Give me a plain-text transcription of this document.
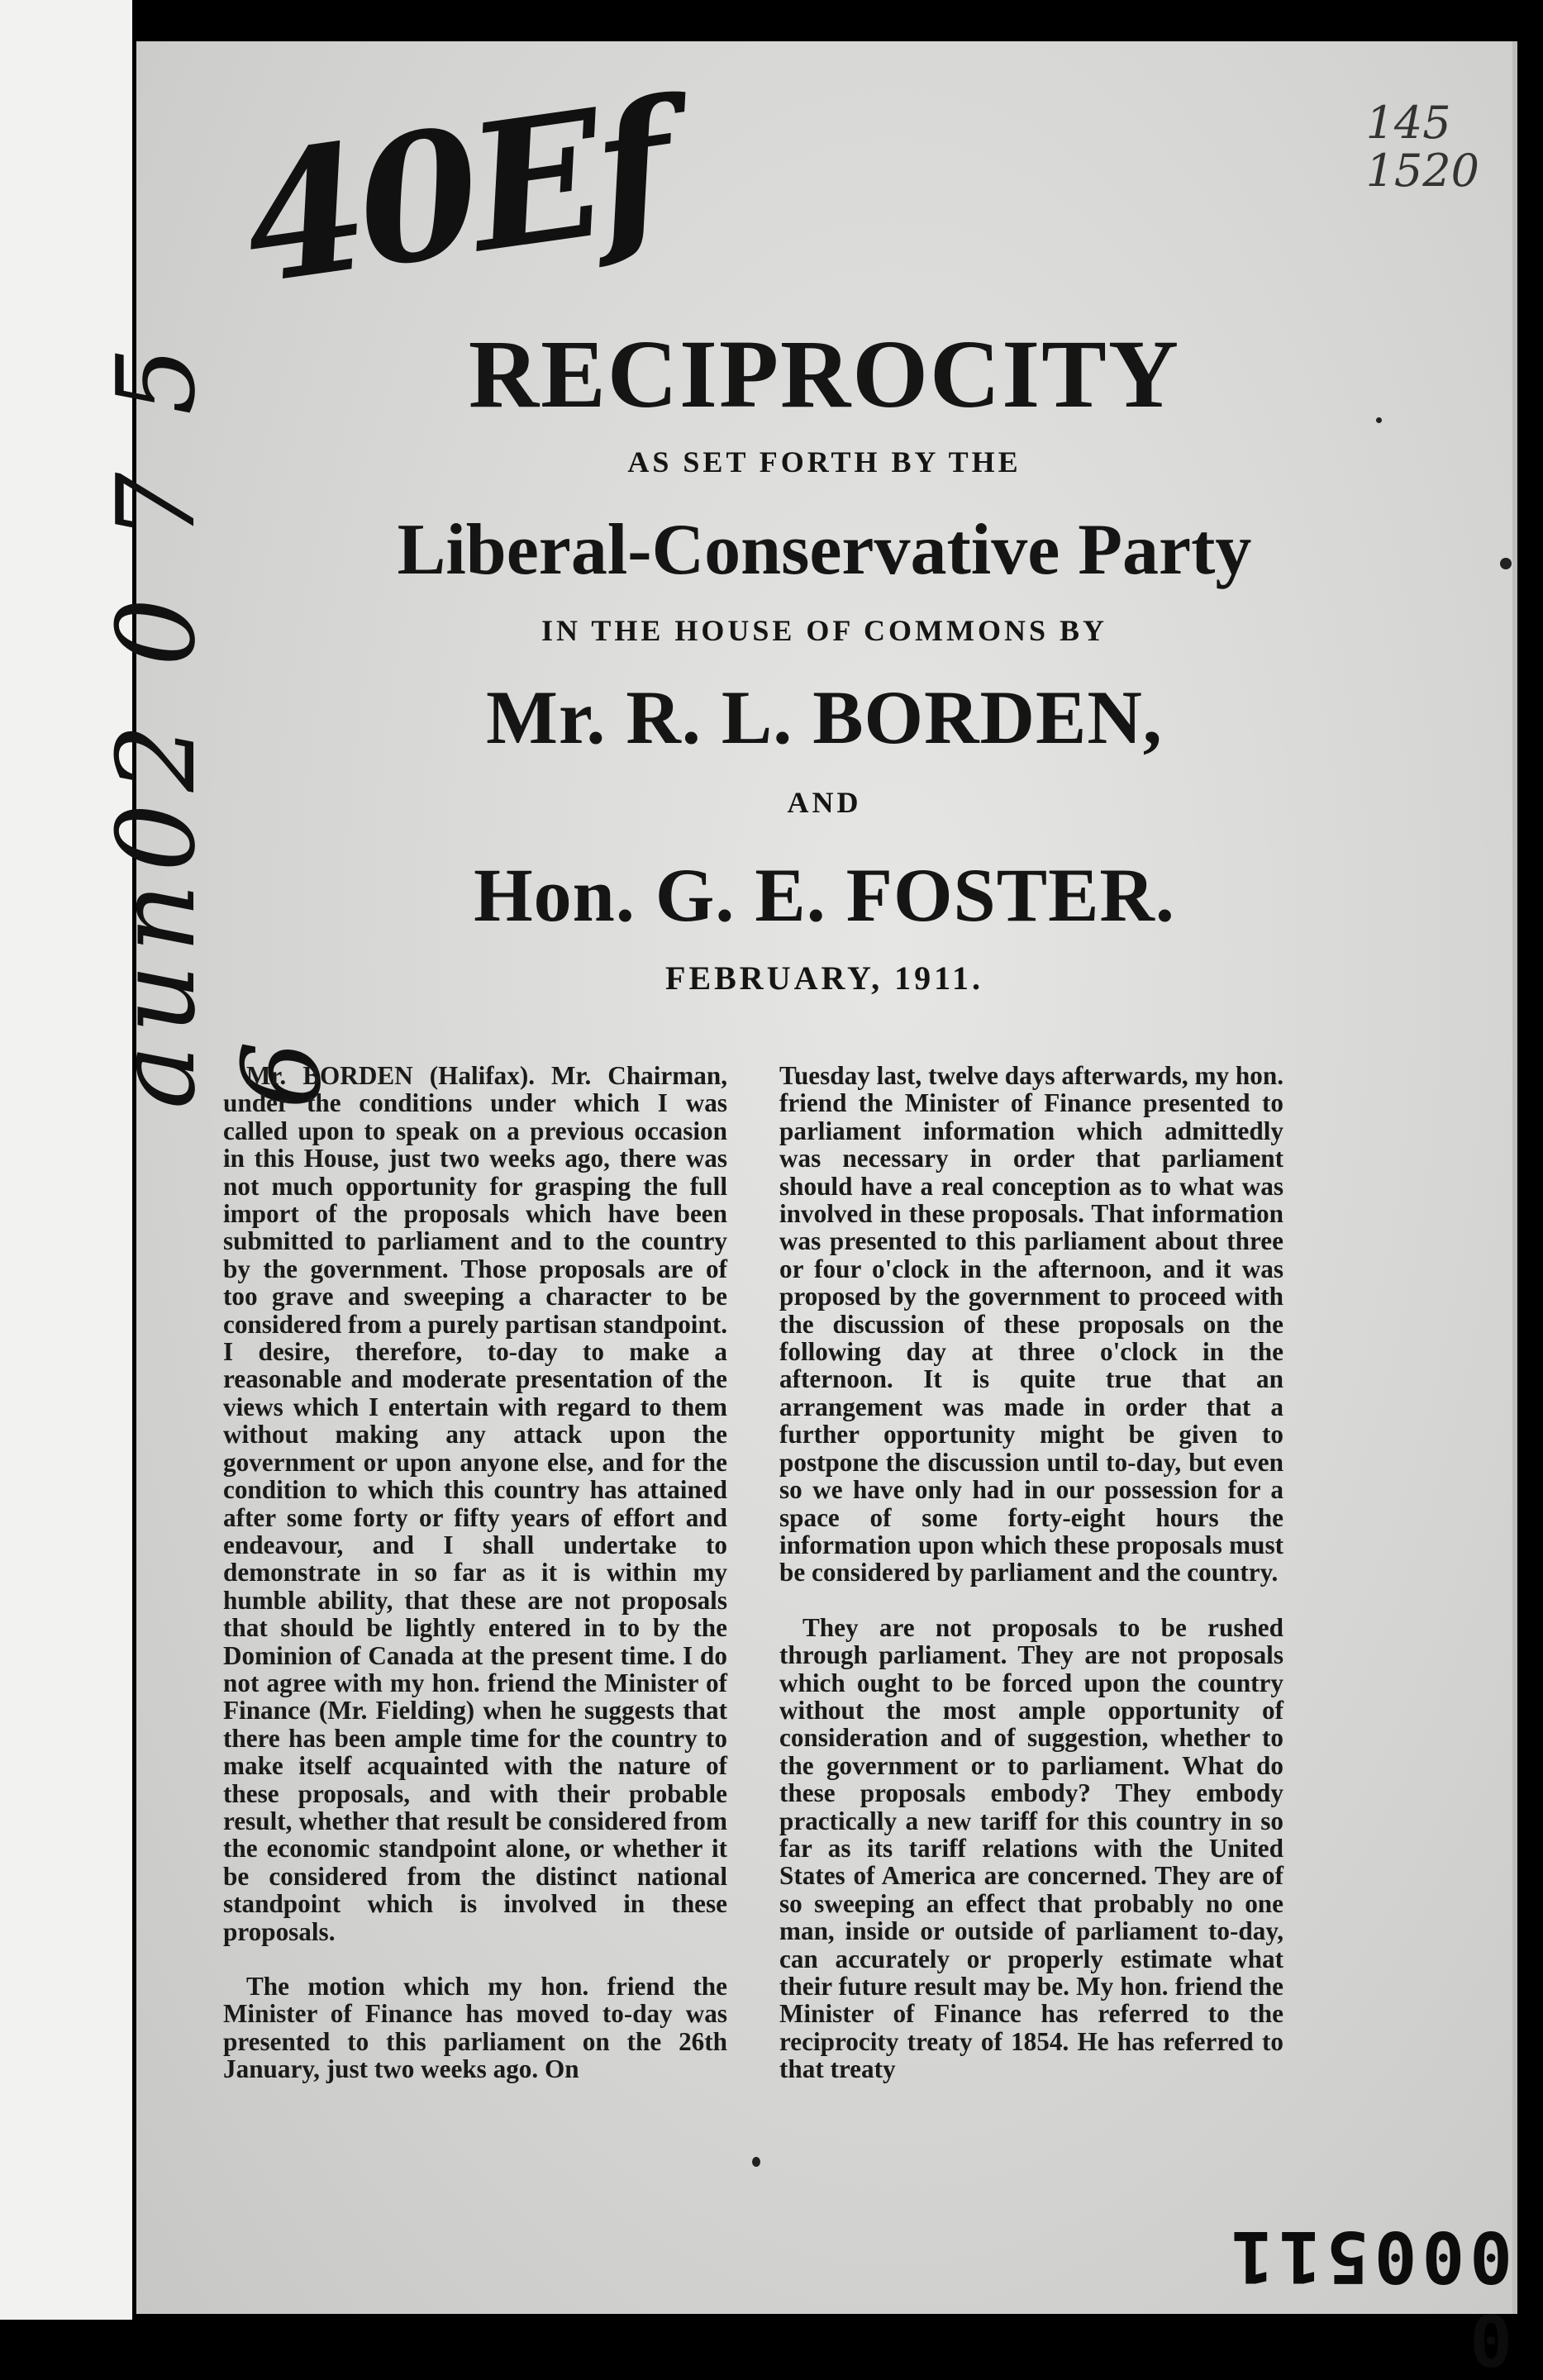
40Ef	145
1520
aun02 0 7 5 6
RECIPROCITY
AS SET FORTH BY THE
Liberal-Conservative Party
IN THE HOUSE OF COMMONS BY
Mr. R. L. BORDEN,
AND
Hon. G. E. FOSTER.
FEBRUARY, 1911.

Mr. BORDEN (Halifax). Mr. Chairman, under the conditions under which I was called upon to speak on a previous occasion in this House, just two weeks ago, there was not much opportunity for grasping the full import of the proposals which have been submitted to parliament and to the country by the government. Those proposals are of too grave and sweeping a character to be considered from a purely partisan standpoint. I desire, therefore, to-day to make a reasonable and moderate presentation of the views which I entertain with regard to them without making any attack upon the government or upon anyone else, and for the condition to which this country has attained after some forty or fifty years of effort and endeavour, and I shall undertake to demonstrate in so far as it is within my humble ability, that these are not proposals that should be lightly entered in to by the Dominion of Canada at the present time. I do not agree with my hon. friend the Minister of Finance (Mr. Fielding) when he suggests that there has been ample time for the country to make itself acquainted with the nature of these proposals, and with their probable result, whether that result be considered from the economic standpoint alone, or whether it be considered from the distinct national standpoint which is involved in these proposals.

The motion which my hon. friend the Minister of Finance has moved to-day was presented to this parliament on the 26th January, just two weeks ago. On

Tuesday last, twelve days afterwards, my hon. friend the Minister of Finance presented to parliament information which admittedly was necessary in order that parliament should have a real conception as to what was involved in these proposals. That information was presented to this parliament about three or four o'clock in the afternoon, and it was proposed by the government to proceed with the discussion of these proposals on the following day at three o'clock in the afternoon. It is quite true that an arrangement was made in order that a further opportunity might be given to postpone the discussion until to-day, but even so we have only had in our possession for a space of some forty-eight hours the information upon which these proposals must be considered by parliament and the country.

They are not proposals to be rushed through parliament. They are not proposals which ought to be forced upon the country without the most ample opportunity of consideration and of suggestion, whether to the government or to parliament. What do these proposals embody? They embody practically a new tariff for this country in so far as its tariff relations with the United States of America are concerned. They are of so sweeping an effect that probably no one man, inside or outside of parliament to-day, can accurately or properly estimate what their future result may be. My hon. friend the Minister of Finance has referred to the reciprocity treaty of 1854. He has referred to that treaty

0 000511
